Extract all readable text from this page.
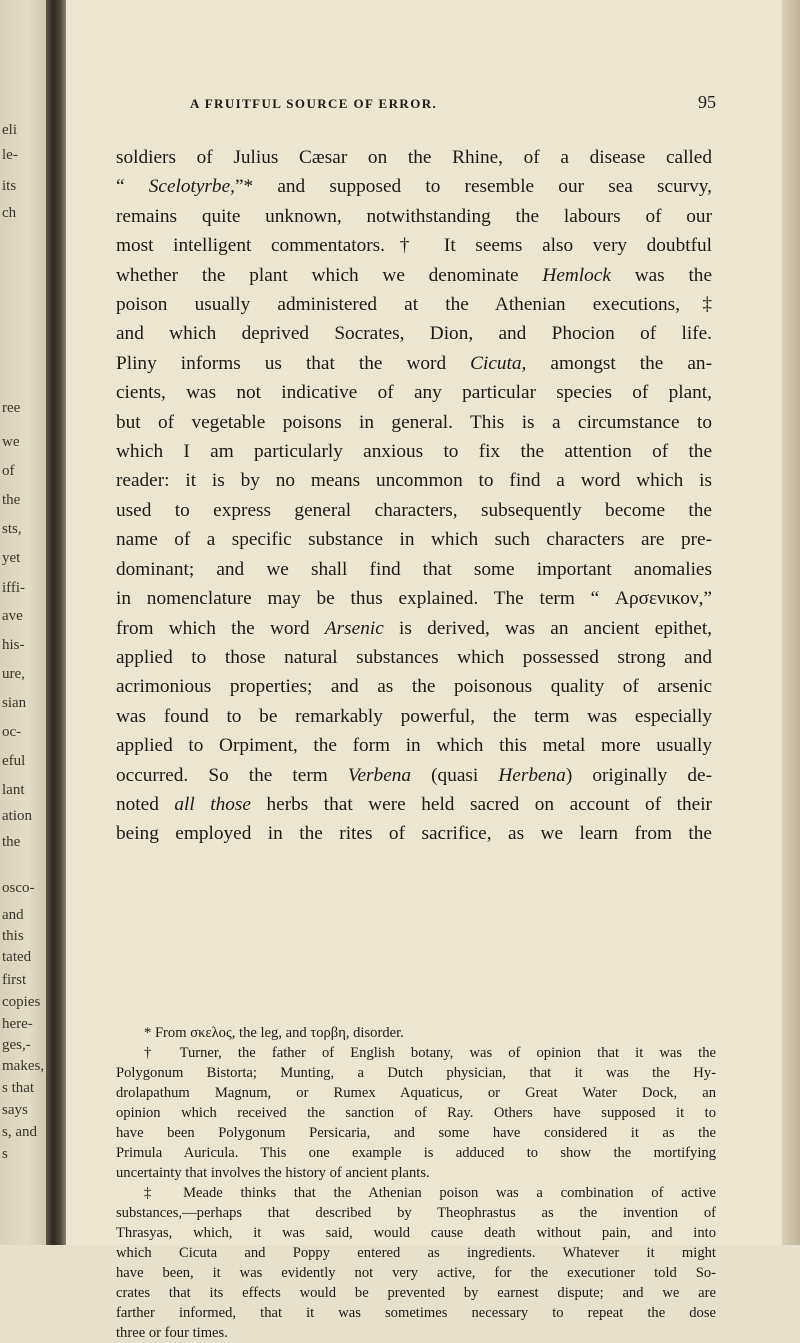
eli
le-
its
ch
ree
we
of
the
sts,
yet
iffi-
ave
his-
ure,
sian
oc-
eful
lant
ation
the
osco-
and
this
tated
first
copies
here-
ges,-
makes,
s that
says
s, and
s
A FRUITFUL SOURCE OF ERROR.	95
soldiers of Julius Cæsar on the Rhine, of a disease called
“ Scelotyrbe,”* and supposed to resemble our sea scurvy,
remains quite unknown, notwithstanding the labours of our
most intelligent commentators.† It seems also very doubtful
whether the plant which we denominate Hemlock was the
poison usually administered at the Athenian executions,‡
and which deprived Socrates, Dion, and Phocion of life.
Pliny informs us that the word Cicuta, amongst the an-
cients, was not indicative of any particular species of plant,
but of vegetable poisons in general. This is a circumstance to
which I am particularly anxious to fix the attention of the
reader: it is by no means uncommon to find a word which is
used to express general characters, subsequently become the
name of a specific substance in which such characters are pre-
dominant; and we shall find that some important anomalies
in nomenclature may be thus explained. The term “ Αρσενικον,”
from which the word Arsenic is derived, was an ancient epithet,
applied to those natural substances which possessed strong and
acrimonious properties; and as the poisonous quality of arsenic
was found to be remarkably powerful, the term was especially
applied to Orpiment, the form in which this metal more usually
occurred. So the term Verbena (quasi Herbena) originally de-
noted all those herbs that were held sacred on account of their
being employed in the rites of sacrifice, as we learn from the
* From σκελος, the leg, and τορβη, disorder.
† Turner, the father of English botany, was of opinion that it was the
Polygonum Bistorta; Munting, a Dutch physician, that it was the Hy-
drolapathum Magnum, or Rumex Aquaticus, or Great Water Dock, an
opinion which received the sanction of Ray. Others have supposed it to
have been Polygonum Persicaria, and some have considered it as the
Primula Auricula. This one example is adduced to show the mortifying
uncertainty that involves the history of ancient plants.
‡ Meade thinks that the Athenian poison was a combination of active
substances,—perhaps that described by Theophrastus as the invention of
Thrasyas, which, it was said, would cause death without pain, and into
which Cicuta and Poppy entered as ingredients. Whatever it might
have been, it was evidently not very active, for the executioner told So-
crates that its effects would be prevented by earnest dispute; and we are
farther informed, that it was sometimes necessary to repeat the dose
three or four times.
